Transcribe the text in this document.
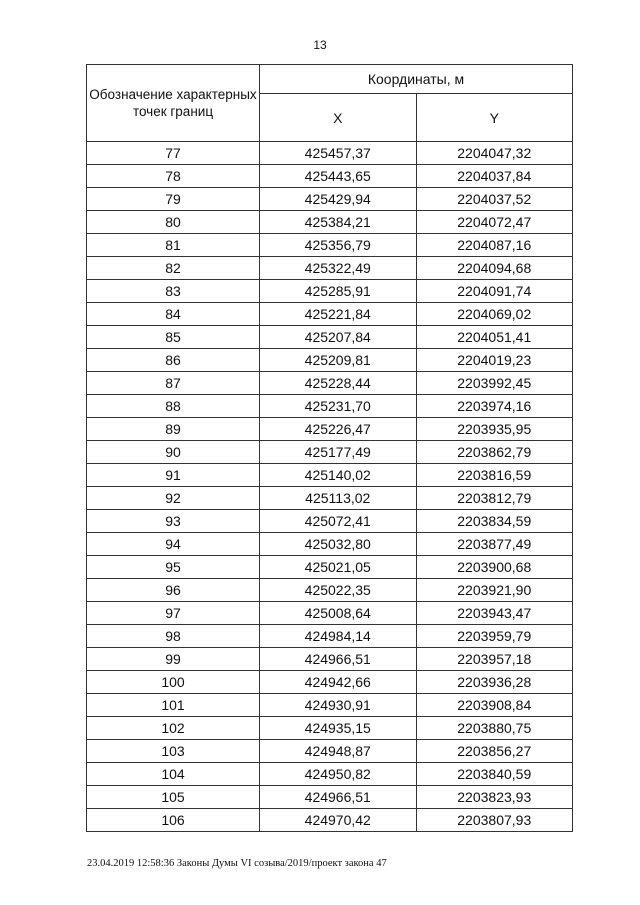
13
Обозначение характерных точек границ	Координаты, м	
	X	Y
77	425457,37	2204047,32
78	425443,65	2204037,84
79	425429,94	2204037,52
80	425384,21	2204072,47
81	425356,79	2204087,16
82	425322,49	2204094,68
83	425285,91	2204091,74
84	425221,84	2204069,02
85	425207,84	2204051,41
86	425209,81	2204019,23
87	425228,44	2203992,45
88	425231,70	2203974,16
89	425226,47	2203935,95
90	425177,49	2203862,79
91	425140,02	2203816,59
92	425113,02	2203812,79
93	425072,41	2203834,59
94	425032,80	2203877,49
95	425021,05	2203900,68
96	425022,35	2203921,90
97	425008,64	2203943,47
98	424984,14	2203959,79
99	424966,51	2203957,18
100	424942,66	2203936,28
101	424930,91	2203908,84
102	424935,15	2203880,75
103	424948,87	2203856,27
104	424950,82	2203840,59
105	424966,51	2203823,93
106	424970,42	2203807,93
23.04.2019 12:58:36 Законы Думы VI созыва/2019/проект закона 47
